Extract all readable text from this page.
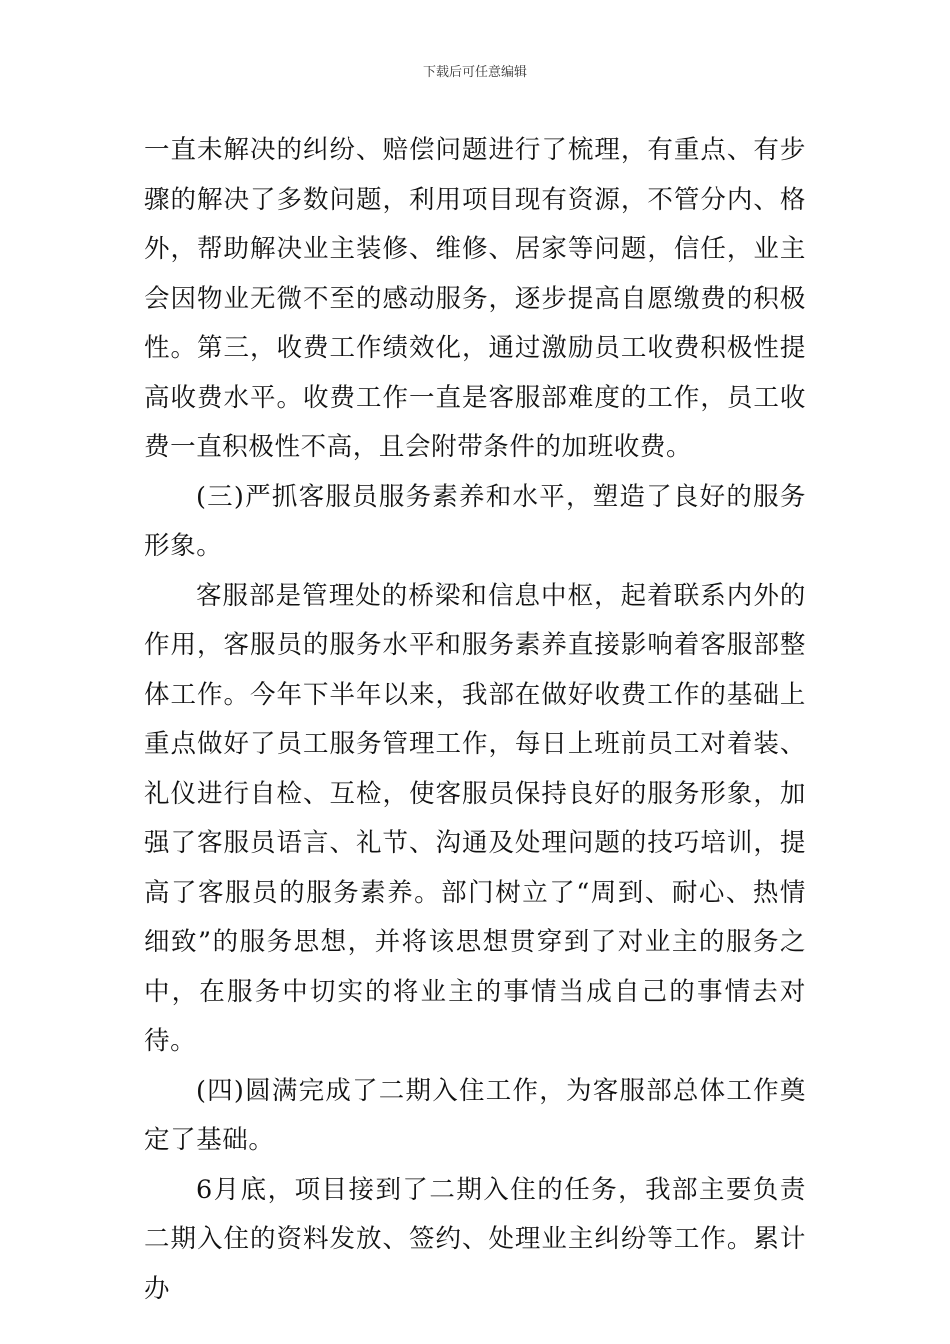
下载后可任意编辑

一直未解决的纠纷、赔偿问题进行了梳理，有重点、有步骤的解决了多数问题，利用项目现有资源，不管分内、格外，帮助解决业主装修、维修、居家等问题，信任，业主会因物业无微不至的感动服务，逐步提高自愿缴费的积极性。第三，收费工作绩效化，通过激励员工收费积极性提高收费水平。收费工作一直是客服部难度的工作，员工收费一直积极性不高，且会附带条件的加班收费。

(三)严抓客服员服务素养和水平，塑造了良好的服务形象。

客服部是管理处的桥梁和信息中枢，起着联系内外的作用，客服员的服务水平和服务素养直接影响着客服部整体工作。今年下半年以来，我部在做好收费工作的基础上重点做好了员工服务管理工作，每日上班前员工对着装、礼仪进行自检、互检，使客服员保持良好的服务形象，加强了客服员语言、礼节、沟通及处理问题的技巧培训，提高了客服员的服务素养。部门树立了“周到、耐心、热情细致”的服务思想，并将该思想贯穿到了对业主的服务之中，在服务中切实的将业主的事情当成自己的事情去对待。

(四)圆满完成了二期入住工作，为客服部总体工作奠定了基础。

6月底，项目接到了二期入住的任务，我部主要负责二期入住的资料发放、签约、处理业主纠纷等工作。累计办
